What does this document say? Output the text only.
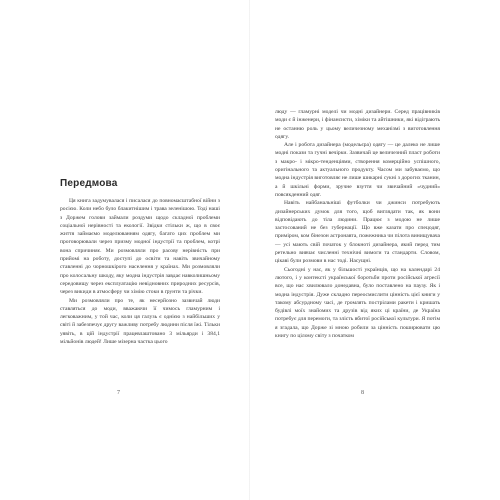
Передмова

Ця книга задумувалася і писалася до повномасштабної війни з росією. Коли небо було блакитнішим і трава зеленішою. Тоді наші з Доржем голови займали роздуми щодо складної проблеми соціальної нерівності та екології. Звідки стільки ж, що в своє життя займаємо моделюванням одягу, багато цих проблем ми проговорювали через призму модної індустрії та проблем, котрі вона спричиняє. Ми розмовляли про расову нерівність при прийомі на роботу, доступі до освіти та навіть звичайному ставленні до чорношкірого населення у країнах. Ми розмовляли про колосальну шкоду, яку модна індустрія завдає навколишньому середовищу через експлуатацію невідновних природних ресурсів, через викиди в атмосферу чи хімію стоки в ґрунти та річки.

Ми розмовляли про те, як несерйозно зазвичай люди ставляться до моди, вважаючи її чимось гламурним і легковажним, у той час, коли ця галузь є однією з найбільших у світі й забезпечує другу важливу потребу людини після їжі. Тільки уявіть, в цій індустрії працевлаштовано 3 мільярди і 384,1 мільйонів людей! Лише мізерна частка цього

7

люду — гламурні моделі чи модні дизайнери. Серед працівників моди є й інженери, і фінансисти, хіміки та айтішники, які відіграють не останню роль у цьому величезному механізмі з виготовлення одягу.

Але і робота дизайнера (модельєра) одягу — це далеко не лише модні покази та гучні вечірки. Зазвичай це величезний пласт роботи з макро- і мікро-тенденціями, створення комерційно успішного, оригінального та актуального продукту. Часом ми забуваємо, що модна індустрія виготовляє не лише шикарні сукні з дорогих тканин, а й шкільні форми, зручне взуття чи звичайний «чудний» повсякденний одяг.

Навіть найбанальніші футболки чи джинси потребують дизайнерських думок для того, щоб виглядати так, як вони відповідають до тіла людини. Працює з модою не лише застосований не без губернації. Що вже казати про спецодяг, приміром, ком бінезон астронавта, пожежника чи пілота винищувача — усі мають свій початок у блокноті дизайнера, який перед тим ретельно вивчає численні технічні вимоги та стандарти. Словом, цікаві були розмови в нас тоді. Насущні.

Сьогодні у нас, як у більшості українців, що на календарі 24 лютого, і у контексті української боротьби проти російської агресії все, що нас хвилювало донедавна, було поставлено на паузу. Як і модна індустрія. Дуже складно переосмислити цінність цієї книги у такому абсурдному часі, де громлять пострілами ракети і кришать будівлі моїх знайомих та друзів від яких ці країни, де Україна потребує для перемоги, та злість вбитої російської культури. Я потім я згадала, що Дорже зі мною робили за цінність поширювати цю книгу по цілому світу з початком

8
